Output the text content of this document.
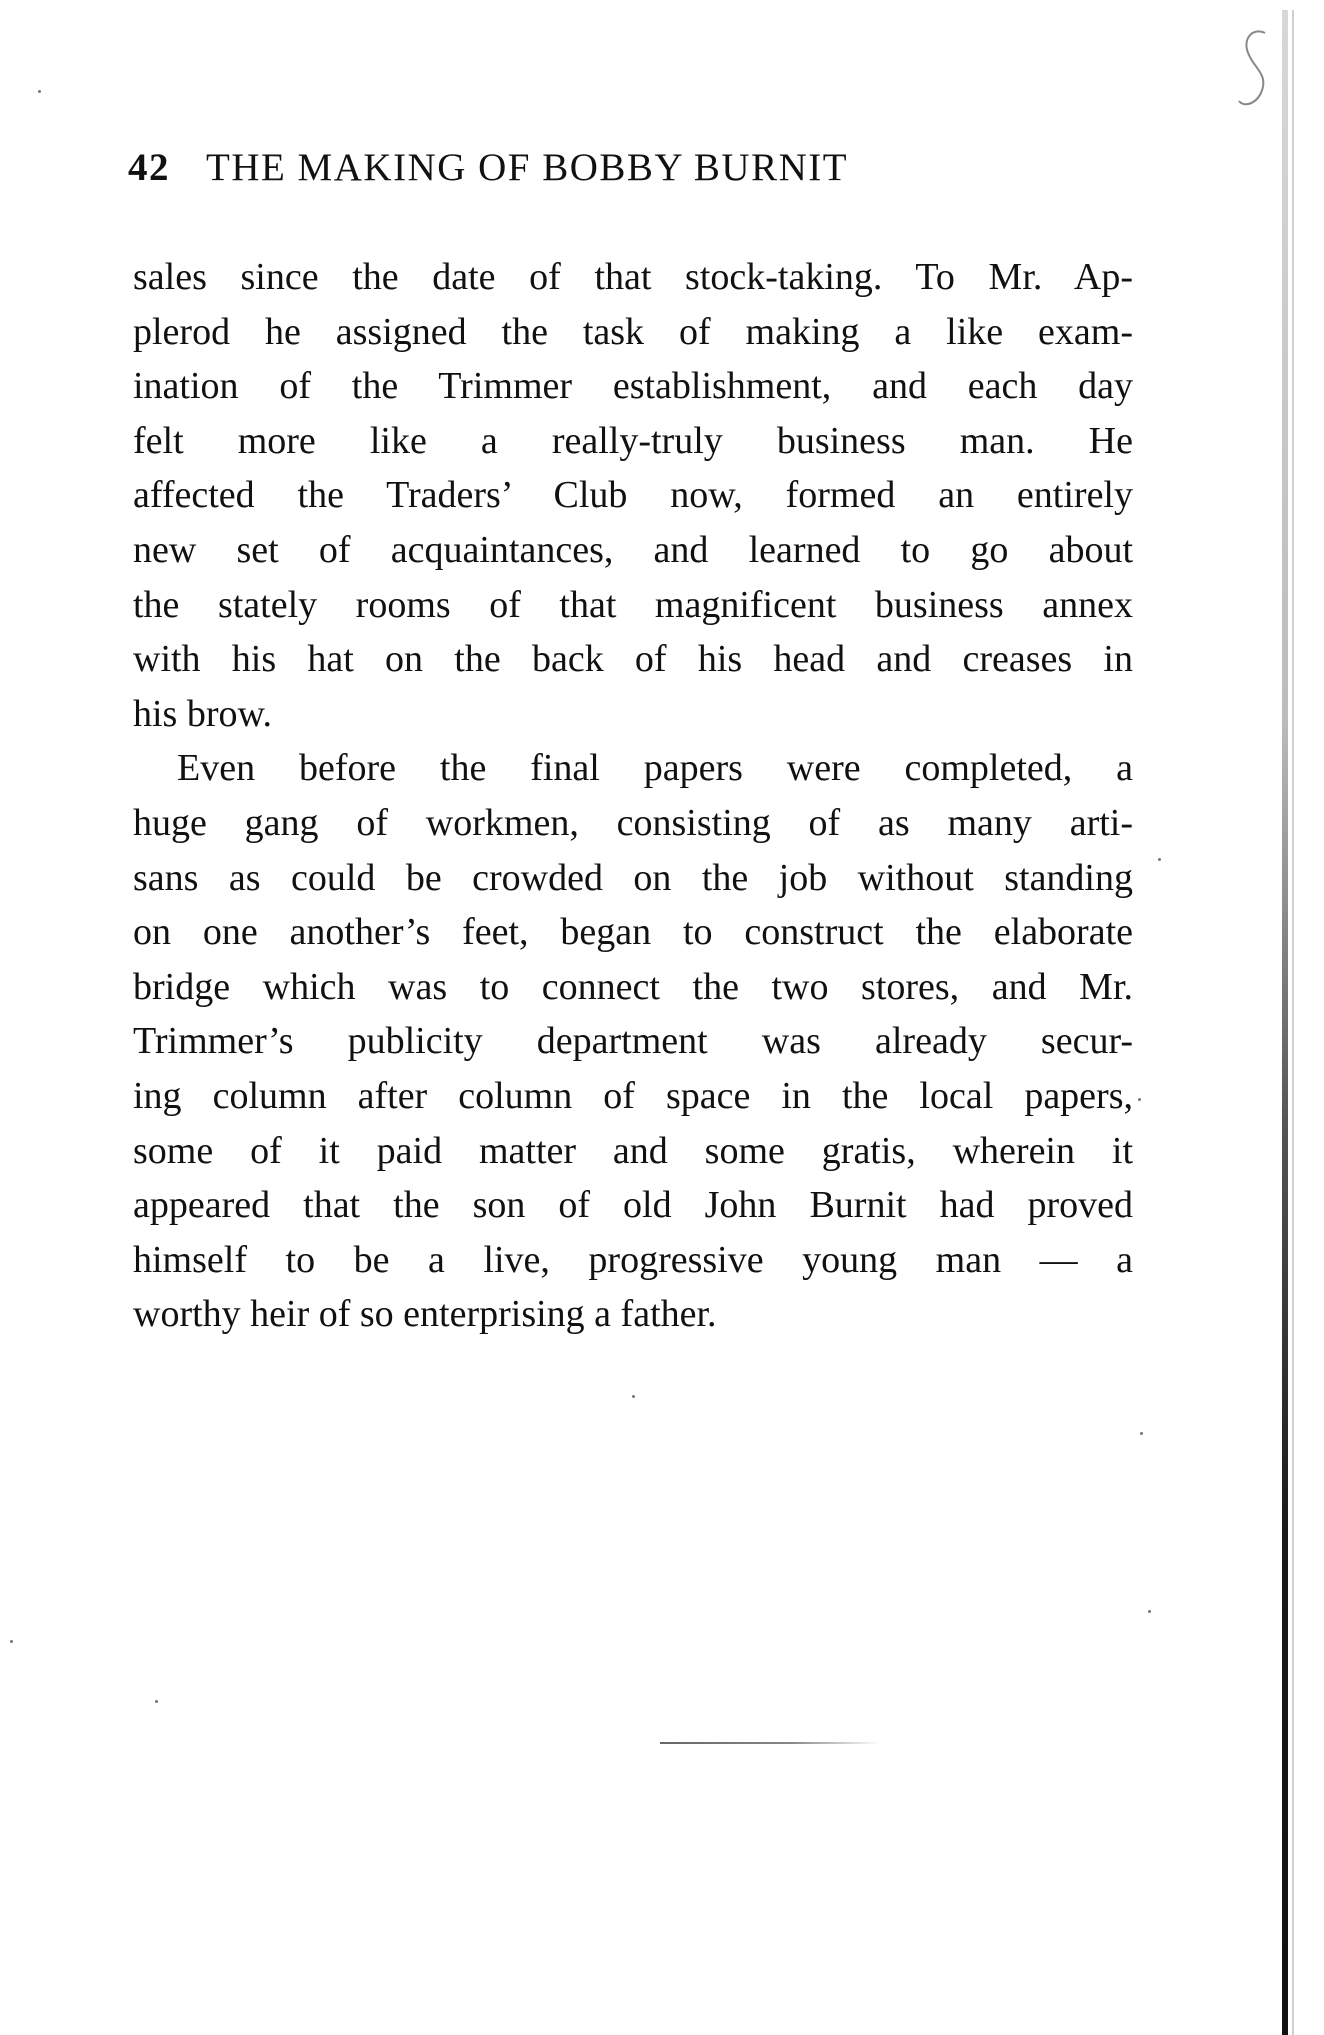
42 THE MAKING OF BOBBY BURNIT
sales since the date of that stock-taking. To Mr. Ap-
plerod he assigned the task of making a like exam-
ination of the Trimmer establishment, and each day
felt more like a really-truly business man. He
affected the Traders’ Club now, formed an entirely
new set of acquaintances, and learned to go about
the stately rooms of that magnificent business annex
with his hat on the back of his head and creases in
his brow.
Even before the final papers were completed, a
huge gang of workmen, consisting of as many arti-
sans as could be crowded on the job without standing
on one another’s feet, began to construct the elaborate
bridge which was to connect the two stores, and Mr.
Trimmer’s publicity department was already secur-
ing column after column of space in the local papers,
some of it paid matter and some gratis, wherein it
appeared that the son of old John Burnit had proved
himself to be a live, progressive young man — a
worthy heir of so enterprising a father.
